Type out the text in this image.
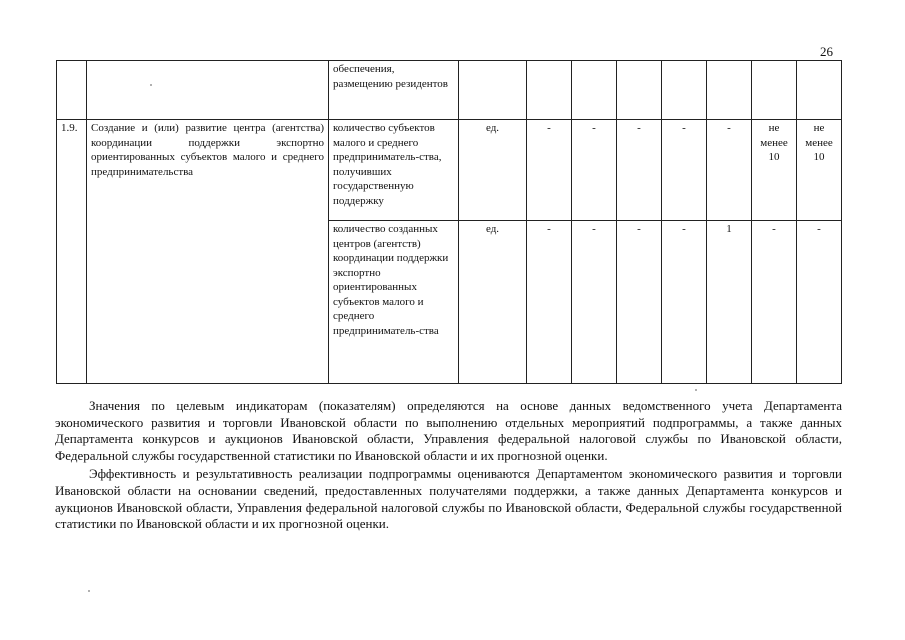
26
		обеспечения, размещению резидентов								
1.9.	Создание и (или) развитие центра (агентства) координации поддержки экспортно ориентированных субъектов малого и среднего предпринимательства	количество субъектов малого и среднего предприниматель-ства, получивших государственную поддержку	ед.	-	-	-	-	-	не менее 10	не менее 10
		количество созданных центров (агентств) координации поддержки экспортно ориентированных субъектов малого и среднего предприниматель-ства	ед.	-	-	-	-	1	-	-

Значения по целевым индикаторам (показателям) определяются на основе данных ведомственного учета Департамента экономического развития и торговли Ивановской области по выполнению отдельных мероприятий подпрограммы, а также данных Департамента конкурсов и аукционов Ивановской области, Управления федеральной налоговой службы по Ивановской области, Федеральной службы государственной статистики по Ивановской области и их прогнозной оценки.

Эффективность и результативность реализации подпрограммы оцениваются Департаментом экономического развития и торговли Ивановской области на основании сведений, предоставленных получателями поддержки, а также данных Департамента конкурсов и аукционов Ивановской области, Управления федеральной налоговой службы по Ивановской области, Федеральной службы государственной статистики по Ивановской области и их прогнозной оценки.
